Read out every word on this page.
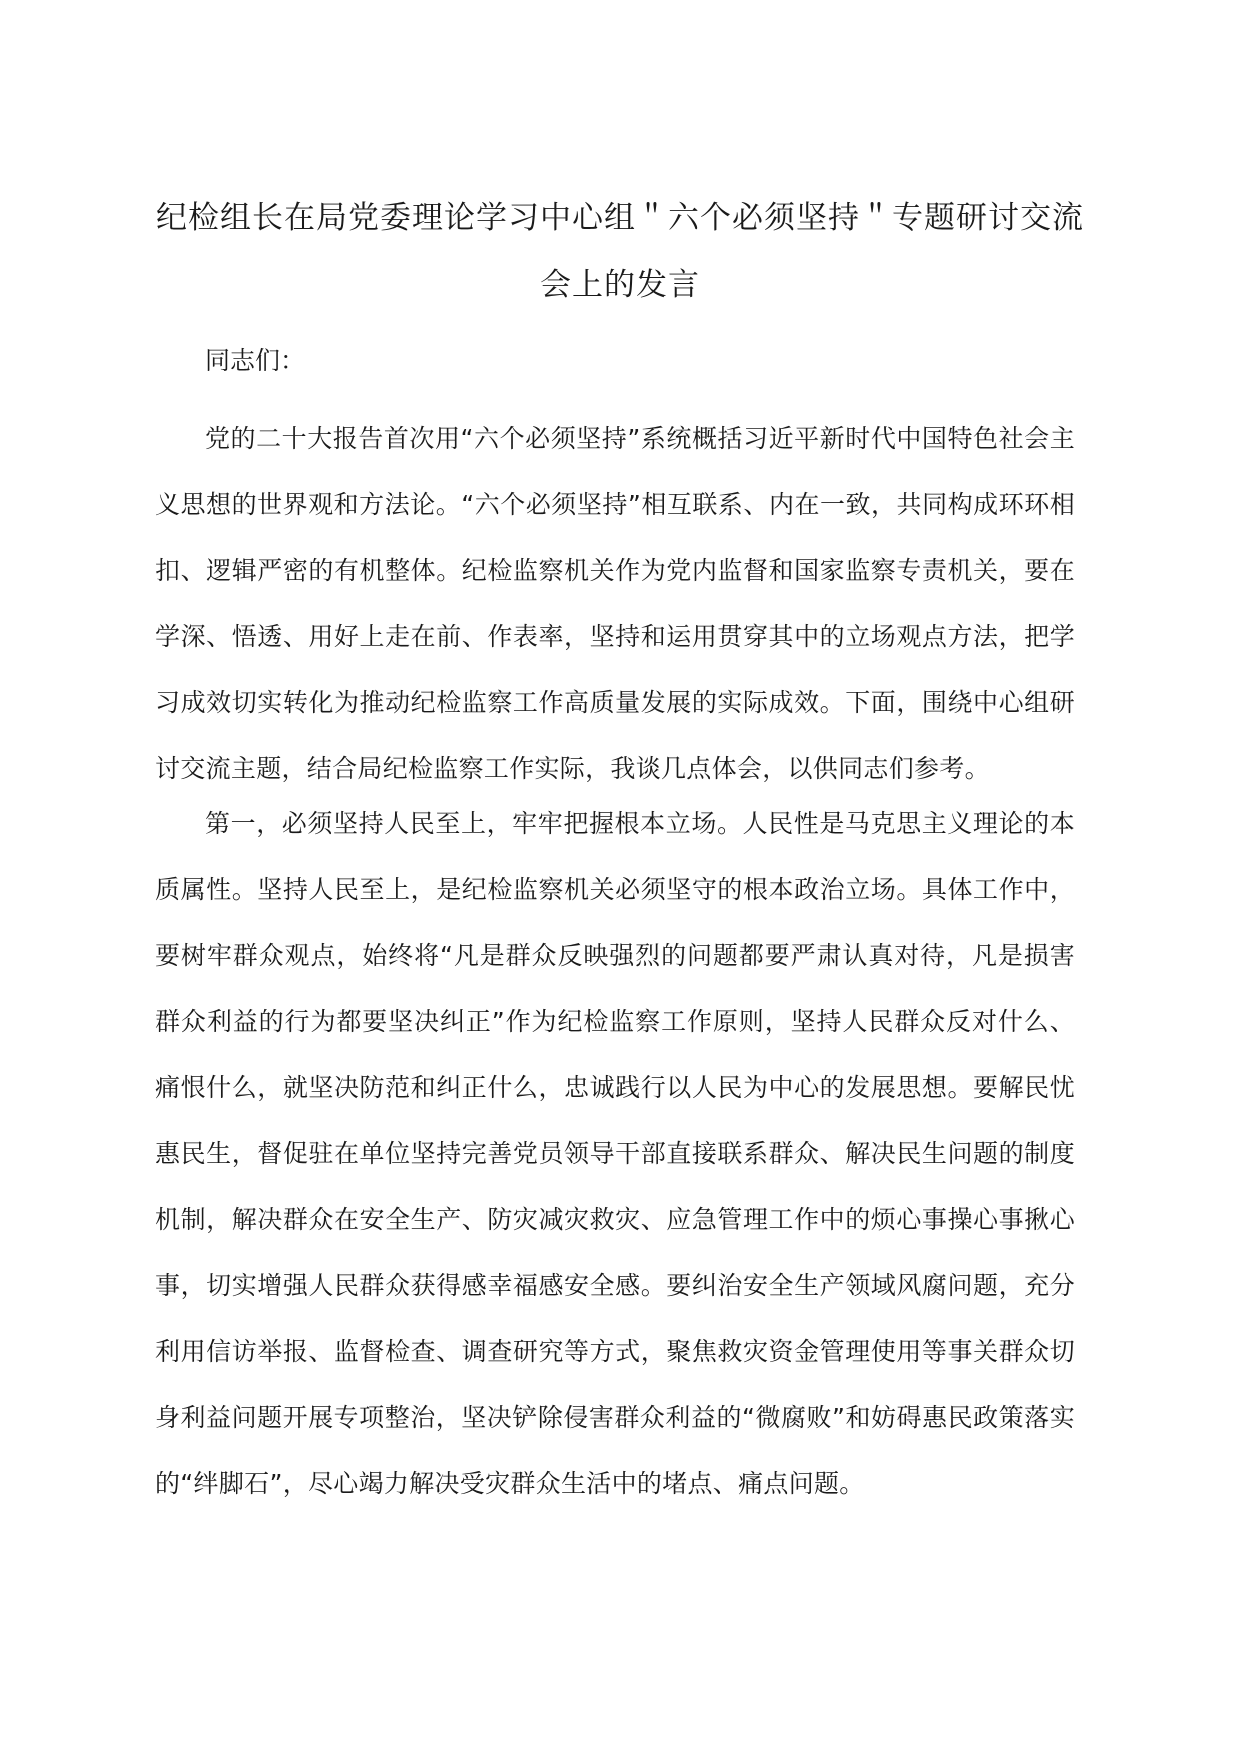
纪检组长在局党委理论学习中心组＂六个必须坚持＂专题研讨交流
会上的发言

同志们：

党的二十大报告首次用“六个必须坚持”系统概括习近平新时代中国特色社会主义思想的世界观和方法论。“六个必须坚持”相互联系、内在一致，共同构成环环相扣、逻辑严密的有机整体。纪检监察机关作为党内监督和国家监察专责机关，要在学深、悟透、用好上走在前、作表率，坚持和运用贯穿其中的立场观点方法，把学习成效切实转化为推动纪检监察工作高质量发展的实际成效。下面，围绕中心组研讨交流主题，结合局纪检监察工作实际，我谈几点体会，以供同志们参考。

第一，必须坚持人民至上，牢牢把握根本立场。人民性是马克思主义理论的本质属性。坚持人民至上，是纪检监察机关必须坚守的根本政治立场。具体工作中，要树牢群众观点，始终将“凡是群众反映强烈的问题都要严肃认真对待，凡是损害群众利益的行为都要坚决纠正”作为纪检监察工作原则，坚持人民群众反对什么、痛恨什么，就坚决防范和纠正什么，忠诚践行以人民为中心的发展思想。要解民忧惠民生，督促驻在单位坚持完善党员领导干部直接联系群众、解决民生问题的制度机制，解决群众在安全生产、防灾减灾救灾、应急管理工作中的烦心事操心事揪心事，切实增强人民群众获得感幸福感安全感。要纠治安全生产领域风腐问题，充分利用信访举报、监督检查、调查研究等方式，聚焦救灾资金管理使用等事关群众切身利益问题开展专项整治，坚决铲除侵害群众利益的“微腐败”和妨碍惠民政策落实的“绊脚石”，尽心竭力解决受灾群众生活中的堵点、痛点问题。
